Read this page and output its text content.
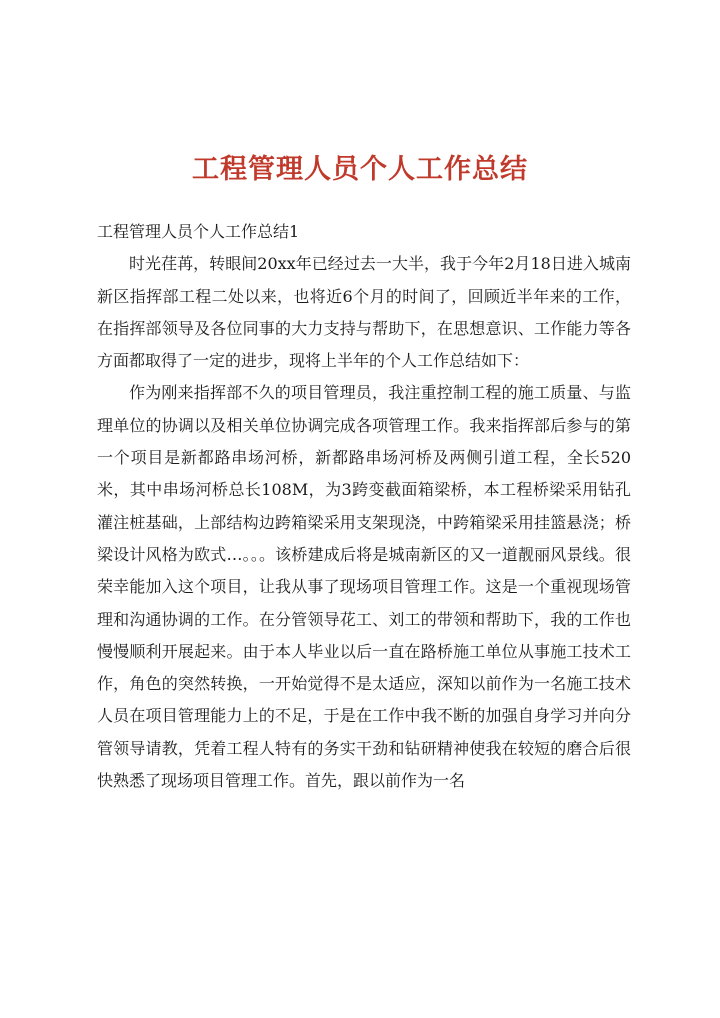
工程管理人员个人工作总结

工程管理人员个人工作总结1

时光荏苒，转眼间20xx年已经过去一大半，我于今年2月18日进入城南新区指挥部工程二处以来，也将近6个月的时间了，回顾近半年来的工作，在指挥部领导及各位同事的大力支持与帮助下，在思想意识、工作能力等各方面都取得了一定的进步，现将上半年的个人工作总结如下：

作为刚来指挥部不久的项目管理员，我注重控制工程的施工质量、与监理单位的协调以及相关单位协调完成各项管理工作。我来指挥部后参与的第一个项目是新都路串场河桥，新都路串场河桥及两侧引道工程，全长520米，其中串场河桥总长108M，为3跨变截面箱梁桥，本工程桥梁采用钻孔灌注桩基础，上部结构边跨箱梁采用支架现浇，中跨箱梁采用挂篮悬浇；桥梁设计风格为欧式…。。。该桥建成后将是城南新区的又一道靓丽风景线。很荣幸能加入这个项目，让我从事了现场项目管理工作。这是一个重视现场管理和沟通协调的工作。在分管领导花工、刘工的带领和帮助下，我的工作也慢慢顺利开展起来。由于本人毕业以后一直在路桥施工单位从事施工技术工作，角色的突然转换，一开始觉得不是太适应，深知以前作为一名施工技术人员在项目管理能力上的不足，于是在工作中我不断的加强自身学习并向分管领导请教，凭着工程人特有的务实干劲和钻研精神使我在较短的磨合后很快熟悉了现场项目管理工作。首先，跟以前作为一名
